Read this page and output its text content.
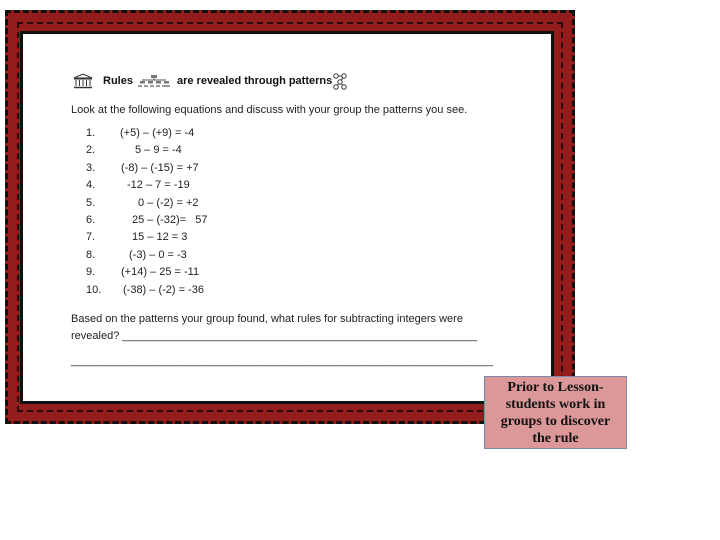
Rules	are revealed through patterns
Look at the following equations and discuss with your group the patterns you see.
1.	(+5) – (+9) = -4
2.	5 – 9 = -4
3.	(-8) – (-15) = +7
4.	-12 – 7 = -19
5.	0 – (-2) = +2
6.	25 – (-32)=   57
7.	15 – 12 = 3
8.	(-3) – 0 = -3
9.	(+14) – 25 = -11
10. (-38) – (-2) = -36
Based on the patterns your group found, what rules for subtracting integers were
revealed? __________________________________________________________
_____________________________________________________________________
-
Prior to Lesson-students work in groups to discover the rule
